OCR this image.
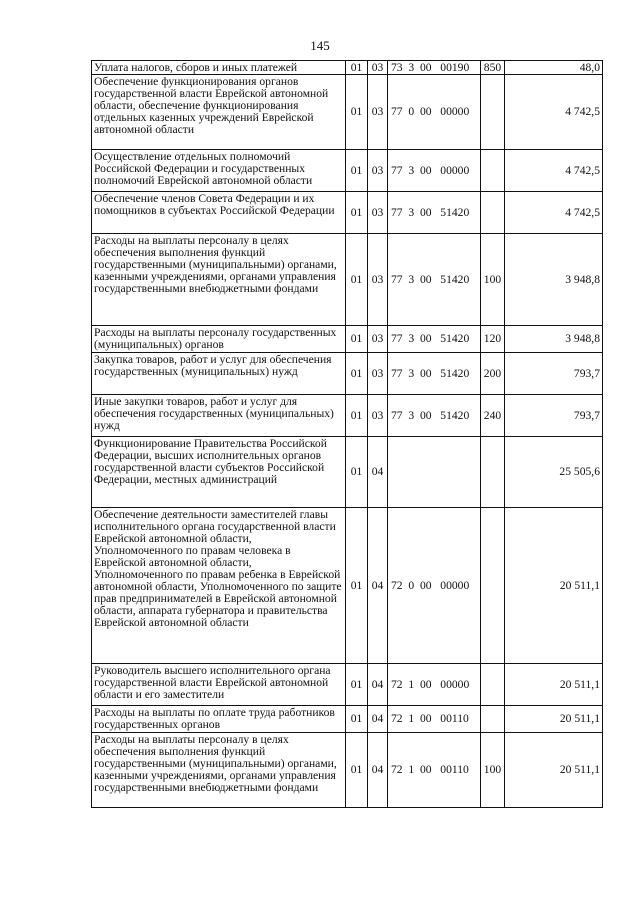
145
Уплата налогов, сборов и иных платежей	01	03	73  3  00   00190	850	48,0
Обеспечение функционирования органов государственной власти Еврейской автономной области, обеспечение функционирования отдельных казенных учреждений Еврейской автономной области	01	03	77  0  00   00000		4 742,5
Осуществление отдельных полномочий Российской Федерации и государственных полномочий Еврейской автономной области	01	03	77  3  00   00000		4 742,5
Обеспечение членов Совета Федерации и их помощников в субъектах Российской Федерации	01	03	77  3  00   51420		4 742,5
Расходы на выплаты персоналу в целях обеспечения выполнения функций государственными (муниципальными) органами, казенными учреждениями, органами управления государственными внебюджетными фондами	01	03	77  3  00   51420	100	3 948,8
Расходы на выплаты персоналу государственных (муниципальных) органов	01	03	77  3  00   51420	120	3 948,8
Закупка товаров, работ и услуг для обеспечения государственных (муниципальных) нужд	01	03	77  3  00   51420	200	793,7
Иные закупки товаров, работ и услуг для обеспечения государственных (муниципальных) нужд	01	03	77  3  00   51420	240	793,7
Функционирование Правительства Российской Федерации, высших исполнительных органов государственной власти субъектов Российской Федерации, местных администраций	01	04			25 505,6
Обеспечение деятельности заместителей главы исполнительного органа государственной власти Еврейской автономной области, Уполномоченного по правам человека в Еврейской автономной области, Уполномоченного по правам ребенка в Еврейской автономной области, Уполномоченного по защите прав предпринимателей в Еврейской автономной области, аппарата губернатора и правительства Еврейской автономной области	01	04	72  0  00   00000		20 511,1
Руководитель высшего исполнительного органа государственной власти Еврейской автономной области и его заместители	01	04	72  1  00   00000		20 511,1
Расходы на выплаты по оплате труда работников государственных органов	01	04	72  1  00   00110		20 511,1
Расходы на выплаты персоналу в целях обеспечения выполнения функций государственными (муниципальными) органами, казенными учреждениями, органами управления государственными внебюджетными фондами	01	04	72  1  00   00110	100	20 511,1
